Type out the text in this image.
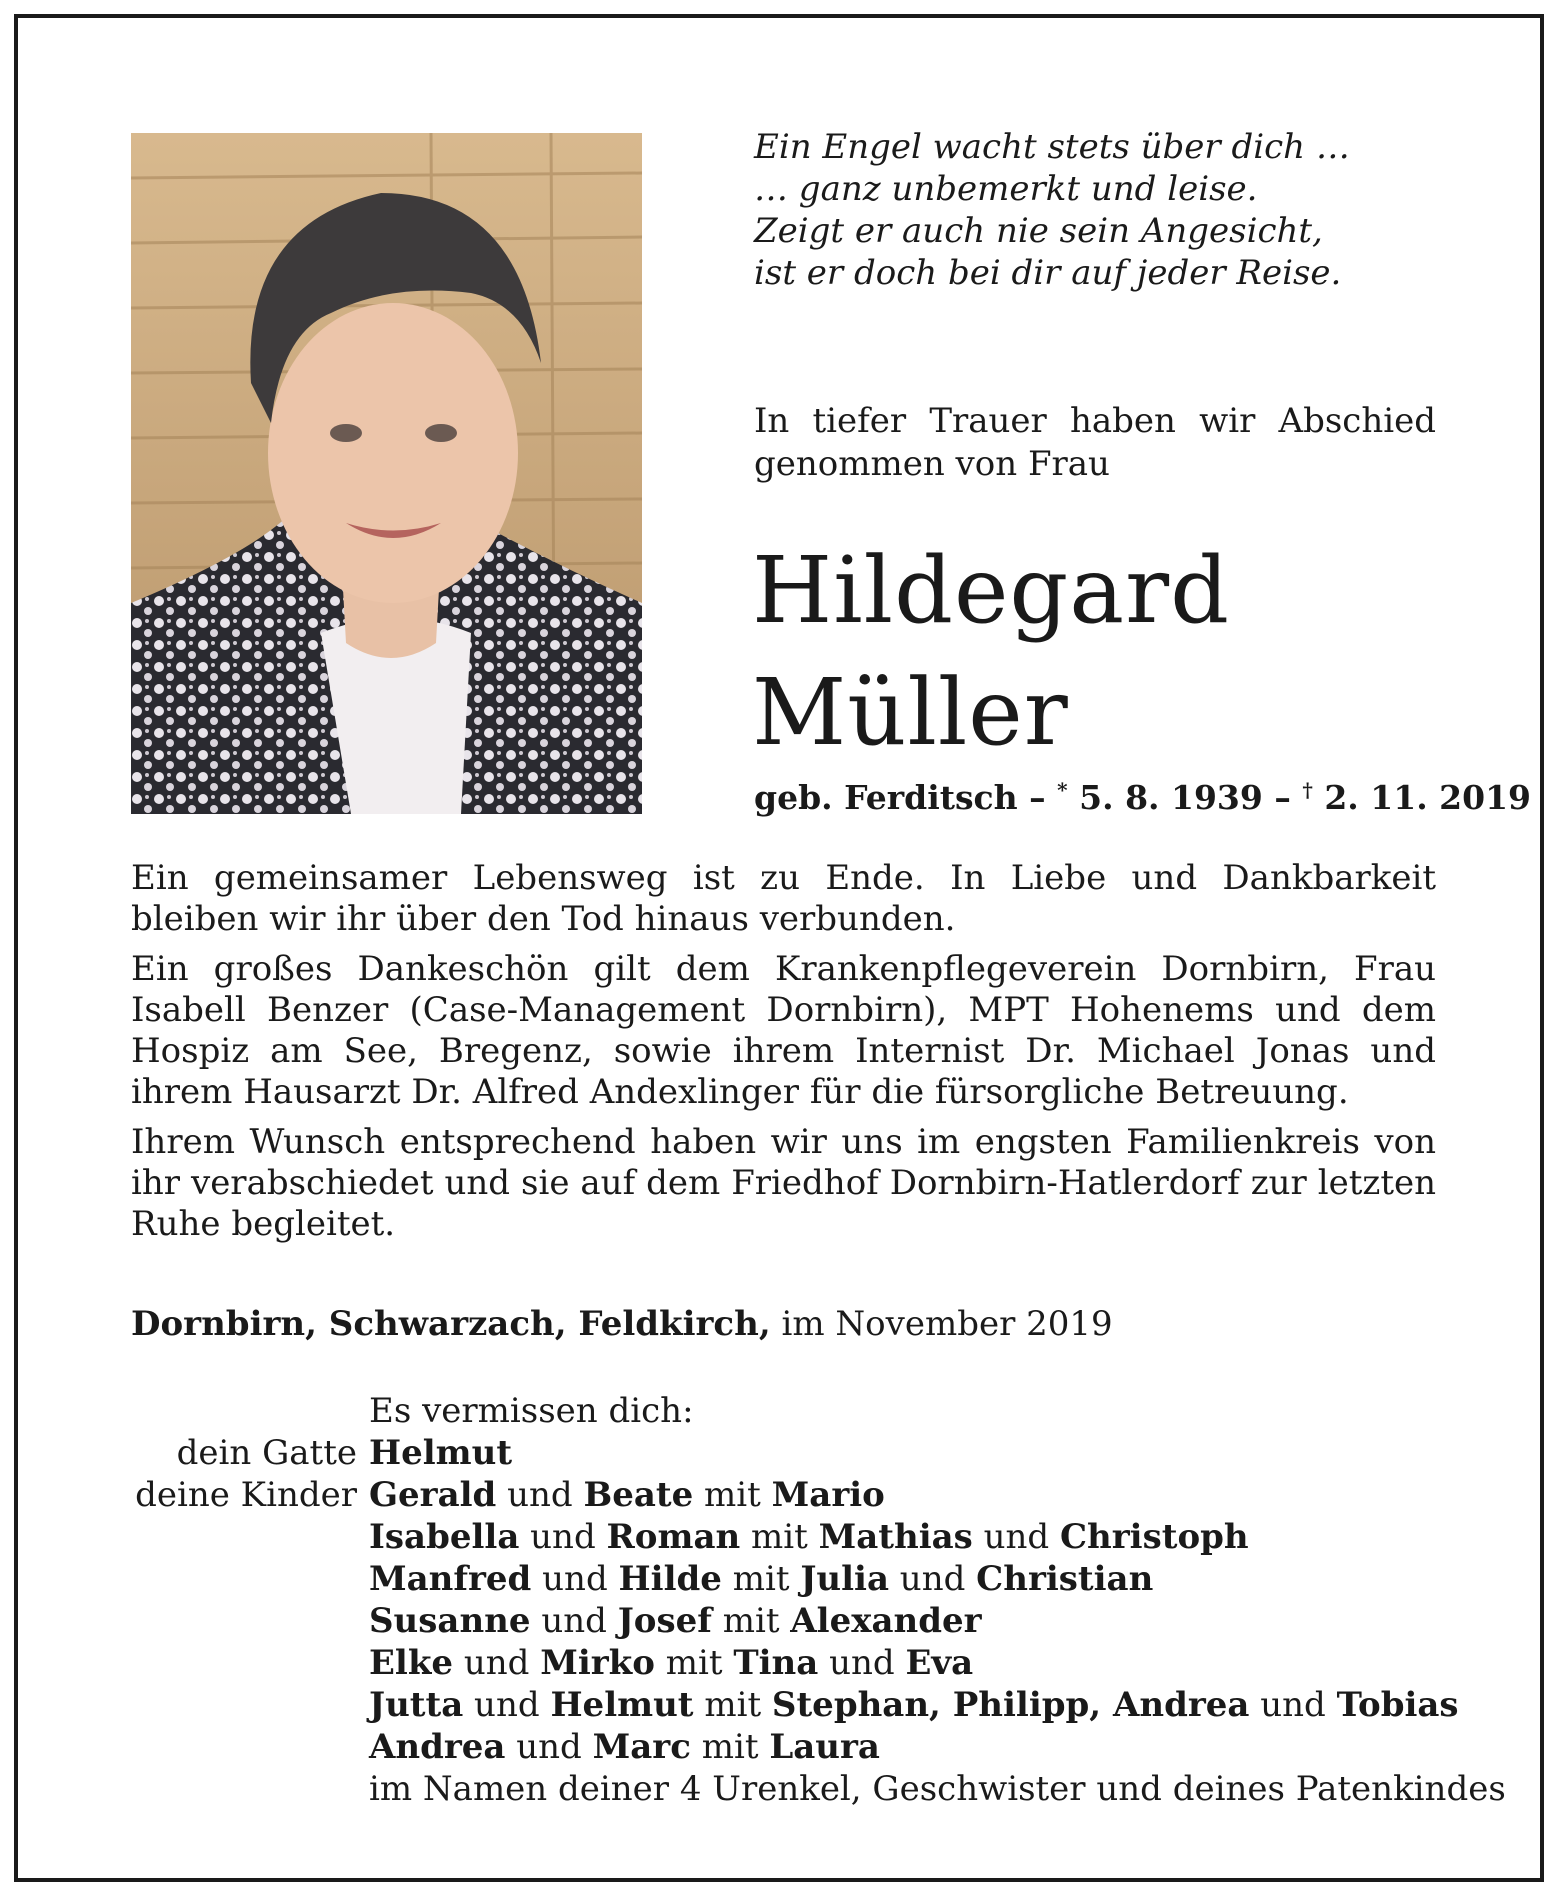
Ein Engel wacht stets über dich …
… ganz unbemerkt und leise.
Zeigt er auch nie sein Angesicht,
ist er doch bei dir auf jeder Reise.

In tiefer Trauer haben wir Abschied genommen von Frau

Hildegard
Müller

geb. Ferditsch – * 5. 8. 1939 – † 2. 11. 2019

Ein gemeinsamer Lebensweg ist zu Ende. In Liebe und Dankbarkeit bleiben wir ihr über den Tod hinaus verbunden.

Ein großes Dankeschön gilt dem Krankenpflegeverein Dornbirn, Frau Isabell Benzer (Case-Management Dornbirn), MPT Hohenems und dem Hospiz am See, Bregenz, sowie ihrem Internist Dr. Michael Jonas und ihrem Hausarzt Dr. Alfred Andexlinger für die fürsorgliche Betreuung.

Ihrem Wunsch entsprechend haben wir uns im engsten Familienkreis von ihr verabschiedet und sie auf dem Friedhof Dornbirn-Hatlerdorf zur letzten Ruhe begleitet.

Dornbirn, Schwarzach, Feldkirch, im November 2019

Es vermissen dich:
dein Gatte Helmut
deine Kinder Gerald und Beate mit Mario
Isabella und Roman mit Mathias und Christoph
Manfred und Hilde mit Julia und Christian
Susanne und Josef mit Alexander
Elke und Mirko mit Tina und Eva
Jutta und Helmut mit Stephan, Philipp, Andrea und Tobias
Andrea und Marc mit Laura
im Namen deiner 4 Urenkel, Geschwister und deines Patenkindes
